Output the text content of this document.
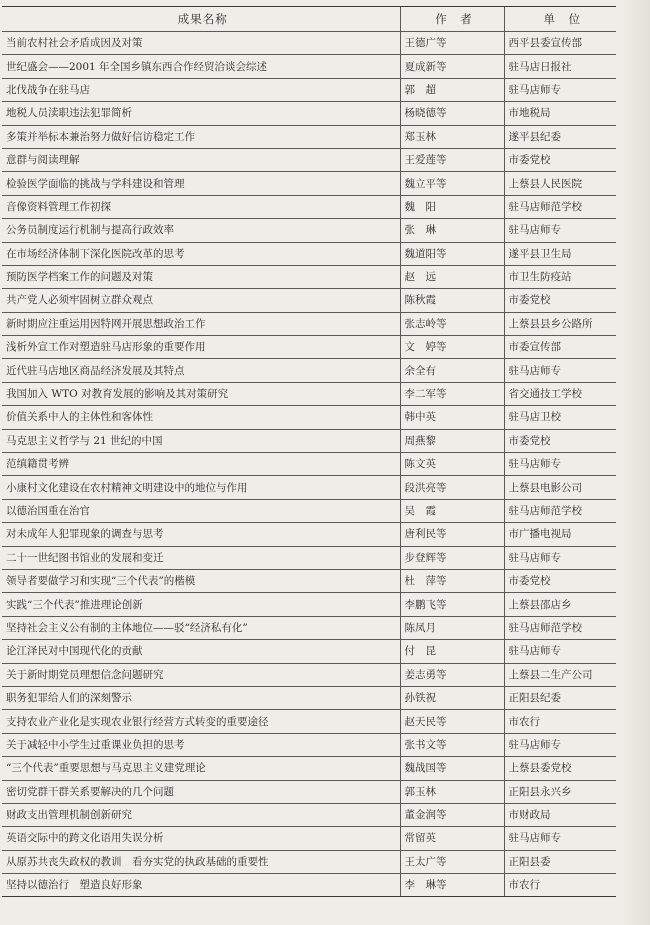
成果名称	作　者	单　位
当前农村社会矛盾成因及对策	王德广等	西平县委宣传部
世纪盛会——2001 年全国乡镇东西合作经贸洽谈会综述	夏成新等	驻马店日报社
北伐战争在驻马店	郭　超	驻马店师专
地税人员渎职违法犯罪简析	杨晓德等	市地税局
多策并举标本兼治努力做好信访稳定工作	郑玉林	遂平县纪委
意群与阅读理解	王爱莲等	市委党校
检验医学面临的挑战与学科建设和管理	魏立平等	上蔡县人民医院
音像资料管理工作初探	魏　阳	驻马店师范学校
公务员制度运行机制与提高行政效率	张　琳	驻马店师专
在市场经济体制下深化医院改革的思考	魏道阳等	遂平县卫生局
预防医学档案工作的问题及对策	赵　远	市卫生防疫站
共产党人必须牢固树立群众观点	陈秋霞	市委党校
新时期应注重运用因特网开展思想政治工作	张志岭等	上蔡县县乡公路所
浅析外宣工作对塑造驻马店形象的重要作用	文　婷等	市委宣传部
近代驻马店地区商品经济发展及其特点	余全有	驻马店师专
我国加入 WTO 对教育发展的影响及其对策研究	李二军等	省交通技工学校
价值关系中人的主体性和客体性	韩中英	驻马店卫校
马克思主义哲学与 21 世纪的中国	周燕黎	市委党校
范缜籍贯考辨	陈文英	驻马店师专
小康村文化建设在农村精神文明建设中的地位与作用	段洪亮等	上蔡县电影公司
以德治国重在治官	吴　霞	驻马店师范学校
对未成年人犯罪现象的调查与思考	唐利民等	市广播电视局
二十一世纪图书馆业的发展和变迁	步登辉等	驻马店师专
领导者要做学习和实现“三个代表”的楷模	杜　萍等	市委党校
实践“三个代表”推进理论创新	李鹏飞等	上蔡县邵店乡
坚持社会主义公有制的主体地位——驳“经济私有化”	陈凤月	驻马店师范学校
论江泽民对中国现代化的贡献	付　昆	驻马店师专
关于新时期党员理想信念问题研究	姜志勇等	上蔡县二生产公司
职务犯罪给人们的深刻警示	孙铁祝	正阳县纪委
支持农业产业化是实现农业银行经营方式转变的重要途径	赵天民等	市农行
关于减轻中小学生过重课业负担的思考	张书文等	驻马店师专
“三个代表”重要思想与马克思主义建党理论	魏战国等	上蔡县委党校
密切党群干群关系要解决的几个问题	郭玉林	正阳县永兴乡
财政支出管理机制创新研究	董金润等	市财政局
英语交际中的跨文化语用失误分析	常留英	驻马店师专
从原苏共丧失政权的教训　看夯实党的执政基础的重要性	王太广等	正阳县委
坚持以德治行　塑造良好形象	李　琳等	市农行
